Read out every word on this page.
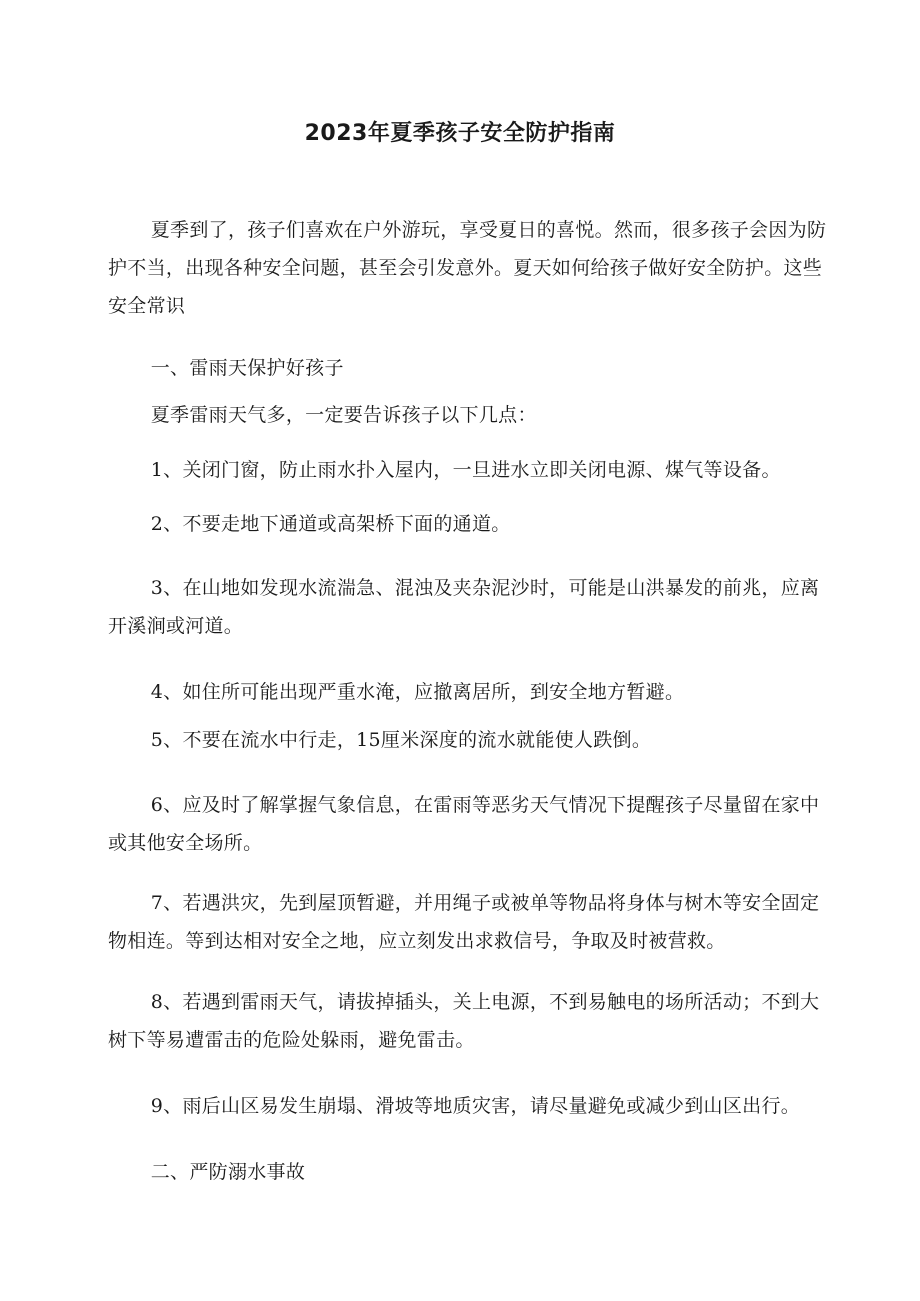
2023年夏季孩子安全防护指南

夏季到了，孩子们喜欢在户外游玩，享受夏日的喜悦。然而，很多孩子会因为防护不当，出现各种安全问题，甚至会引发意外。夏天如何给孩子做好安全防护。这些安全常识

一、雷雨天保护好孩子

夏季雷雨天气多，一定要告诉孩子以下几点：

1、关闭门窗，防止雨水扑入屋内，一旦进水立即关闭电源、煤气等设备。

2、不要走地下通道或高架桥下面的通道。

3、在山地如发现水流湍急、混浊及夹杂泥沙时，可能是山洪暴发的前兆，应离开溪涧或河道。

4、如住所可能出现严重水淹，应撤离居所，到安全地方暂避。

5、不要在流水中行走，15厘米深度的流水就能使人跌倒。

6、应及时了解掌握气象信息，在雷雨等恶劣天气情况下提醒孩子尽量留在家中或其他安全场所。

7、若遇洪灾，先到屋顶暂避，并用绳子或被单等物品将身体与树木等安全固定物相连。等到达相对安全之地，应立刻发出求救信号，争取及时被营救。

8、若遇到雷雨天气，请拔掉插头，关上电源，不到易触电的场所活动；不到大树下等易遭雷击的危险处躲雨，避免雷击。

9、雨后山区易发生崩塌、滑坡等地质灾害，请尽量避免或减少到山区出行。

二、严防溺水事故
